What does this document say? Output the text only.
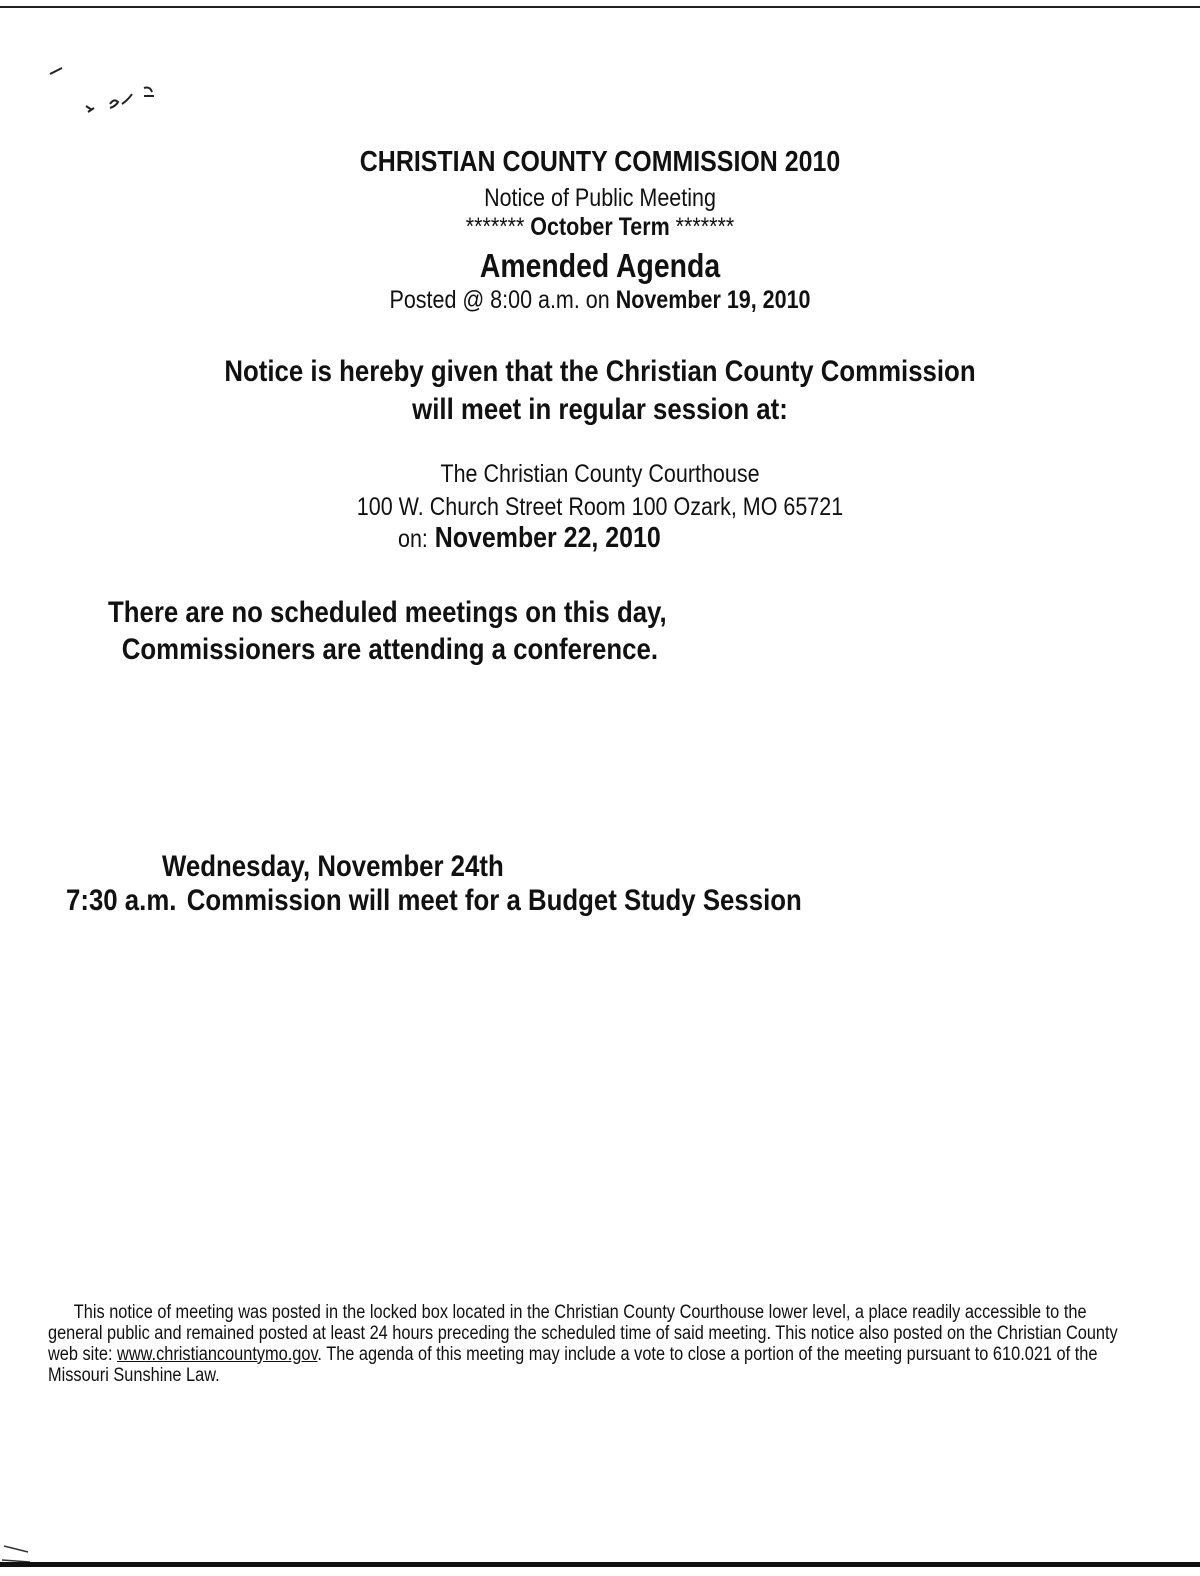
CHRISTIAN COUNTY COMMISSION 2010
Notice of Public Meeting
******* October Term *******
Amended Agenda
Posted @ 8:00 a.m. on November 19, 2010
Notice is hereby given that the Christian County Commission
will meet in regular session at:
The Christian County Courthouse
100 W. Church Street Room 100 Ozark, MO 65721
on: November 22, 2010
There are no scheduled meetings on this day,
Commissioners are attending a conference.
Wednesday, November 24th
7:30 a.m. Commission will meet for a Budget Study Session

This notice of meeting was posted in the locked box located in the Christian County Courthouse lower level, a place readily accessible to the general public and remained posted at least 24 hours preceding the scheduled time of said meeting. This notice also posted on the Christian County web site: www.christiancountymo.gov. The agenda of this meeting may include a vote to close a portion of the meeting pursuant to 610.021 of the Missouri Sunshine Law.
